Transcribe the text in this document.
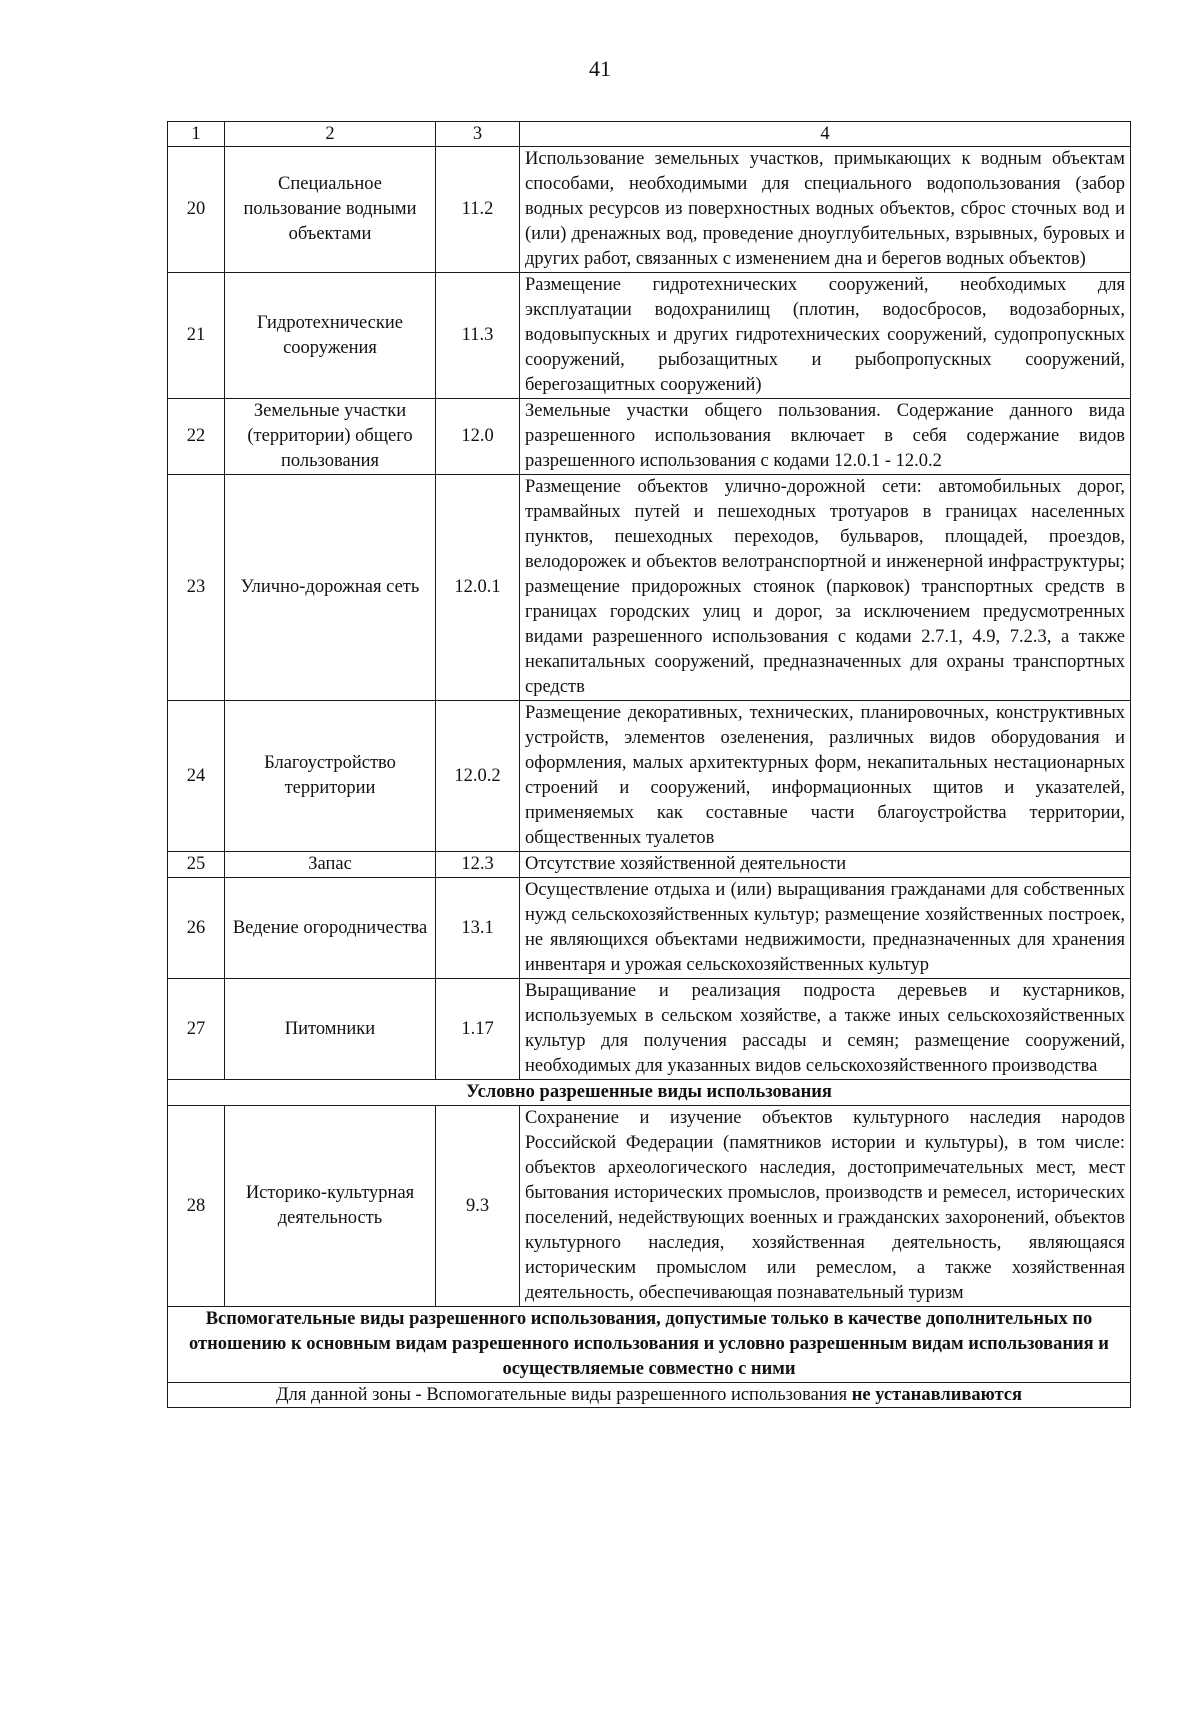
41
1	2	3	4
20	Специальное пользование водными объектами	11.2	Использование земельных участков, примыкающих к водным объектам способами, необходимыми для специального водопользования (забор водных ресурсов из поверхностных водных объектов, сброс сточных вод и (или) дренажных вод, проведение дноуглубительных, взрывных, буровых и других работ, связанных с изменением дна и берегов водных объектов)
21	Гидротехнические сооружения	11.3	Размещение гидротехнических сооружений, необходимых для эксплуатации водохранилищ (плотин, водосбросов, водозаборных, водовыпускных и других гидротехнических сооружений, судопропускных сооружений, рыбозащитных и рыбопропускных сооружений, берегозащитных сооружений)
22	Земельные участки (территории) общего пользования	12.0	Земельные участки общего пользования. Содержание данного вида разрешенного использования включает в себя содержание видов разрешенного использования с кодами 12.0.1 - 12.0.2
23	Улично-дорожная сеть	12.0.1	Размещение объектов улично-дорожной сети: автомобильных дорог, трамвайных путей и пешеходных тротуаров в границах населенных пунктов, пешеходных переходов, бульваров, площадей, проездов, велодорожек и объектов велотранспортной и инженерной инфраструктуры; размещение придорожных стоянок (парковок) транспортных средств в границах городских улиц и дорог, за исключением предусмотренных видами разрешенного использования с кодами 2.7.1, 4.9, 7.2.3, а также некапитальных сооружений, предназначенных для охраны транспортных средств
24	Благоустройство территории	12.0.2	Размещение декоративных, технических, планировочных, конструктивных устройств, элементов озеленения, различных видов оборудования и оформления, малых архитектурных форм, некапитальных нестационарных строений и сооружений, информационных щитов и указателей, применяемых как составные части благоустройства территории, общественных туалетов
25	Запас	12.3	Отсутствие хозяйственной деятельности
26	Ведение огородничества	13.1	Осуществление отдыха и (или) выращивания гражданами для собственных нужд сельскохозяйственных культур; размещение хозяйственных построек, не являющихся объектами недвижимости, предназначенных для хранения инвентаря и урожая сельскохозяйственных культур
27	Питомники	1.17	Выращивание и реализация подроста деревьев и кустарников, используемых в сельском хозяйстве, а также иных сельскохозяйственных культур для получения рассады и семян; размещение сооружений, необходимых для указанных видов сельскохозяйственного производства
Условно разрешенные виды использования			
28	Историко-культурная деятельность	9.3	Сохранение и изучение объектов культурного наследия народов Российской Федерации (памятников истории и культуры), в том числе: объектов археологического наследия, достопримечательных мест, мест бытования исторических промыслов, производств и ремесел, исторических поселений, недействующих военных и гражданских захоронений, объектов культурного наследия, хозяйственная деятельность, являющаяся историческим промыслом или ремеслом, а также хозяйственная деятельность, обеспечивающая познавательный туризм
Вспомогательные виды разрешенного использования, допустимые только в качестве дополнительных по отношению к основным видам разрешенного использования и условно разрешенным видам использования и осуществляемые совместно с ними			
Для данной зоны - Вспомогательные виды разрешенного использования не устанавливаются			
